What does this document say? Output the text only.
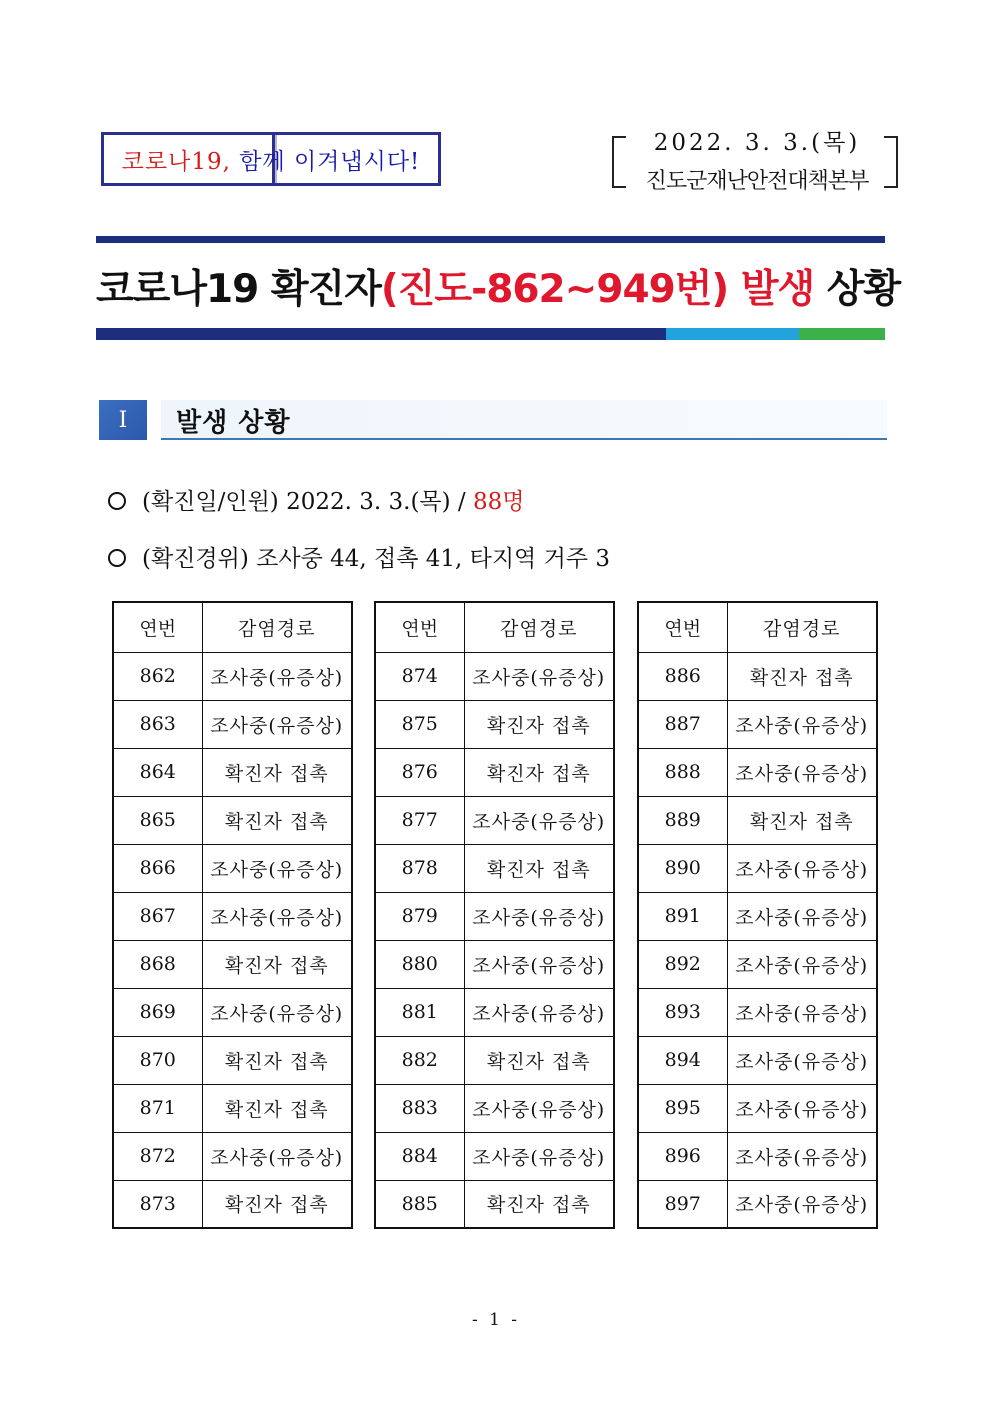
코로나19,
함께 이겨냅시다!
2022. 3. 3.(목)
진도군재난안전대책본부
코로나19 확진자(진도-862~949번) 발생 상황
I	발생 상황
(확진일/인원) 2022. 3. 3.(목) / 88명
(확진경위) 조사중 44, 접촉 41, 타지역 거주 3
연번	감염경로
862	조사중(유증상)
863	조사중(유증상)
864	확진자 접촉
865	확진자 접촉
866	조사중(유증상)
867	조사중(유증상)
868	확진자 접촉
869	조사중(유증상)
870	확진자 접촉
871	확진자 접촉
872	조사중(유증상)
873	확진자 접촉
연번	감염경로
874	조사중(유증상)
875	확진자 접촉
876	확진자 접촉
877	조사중(유증상)
878	확진자 접촉
879	조사중(유증상)
880	조사중(유증상)
881	조사중(유증상)
882	확진자 접촉
883	조사중(유증상)
884	조사중(유증상)
885	확진자 접촉
연번	감염경로
886	확진자 접촉
887	조사중(유증상)
888	조사중(유증상)
889	확진자 접촉
890	조사중(유증상)
891	조사중(유증상)
892	조사중(유증상)
893	조사중(유증상)
894	조사중(유증상)
895	조사중(유증상)
896	조사중(유증상)
897	조사중(유증상)
- 1 -
